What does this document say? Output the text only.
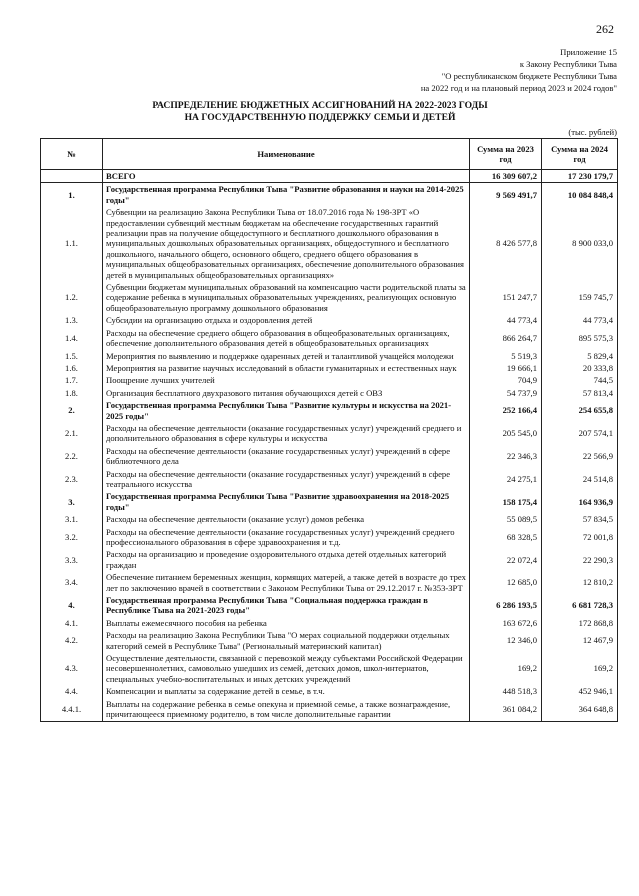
262
Приложение 15
к Закону Республики Тыва
"О республиканском бюджете Республики Тыва
на 2022 год и на плановый период 2023 и 2024 годов"
РАСПРЕДЕЛЕНИЕ БЮДЖЕТНЫХ АССИГНОВАНИЙ НА 2022-2023 ГОДЫ
НА ГОСУДАРСТВЕННУЮ ПОДДЕРЖКУ СЕМЬИ И ДЕТЕЙ
(тыс. рублей)
№	Наименование	Сумма на 2023 год	Сумма на 2024 год
	ВСЕГО	16 309 607,2	17 230 179,7
1.	Государственная программа Республики Тыва "Развитие образования и науки на 2014-2025 годы"	9 569 491,7	10 084 848,4
1.1.	Субвенции на реализацию Закона Республики Тыва от 18.07.2016 года № 198-ЗРТ «О предоставлении субвенций местным бюджетам на обеспечение государственных гарантий реализации прав на получение общедоступного и бесплатного дошкольного образования в муниципальных дошкольных образовательных организациях, общедоступного и бесплатного дошкольного, начального общего, основного общего, среднего общего образования в муниципальных общеобразовательных организациях, обеспечение дополнительного образования детей в муниципальных общеобразовательных организациях»	8 426 577,8	8 900 033,0
1.2.	Субвенции бюджетам муниципальных образований на компенсацию части родительской платы за содержание ребенка в муниципальных образовательных учреждениях, реализующих основную общеобразовательную программу дошкольного образования	151 247,7	159 745,7
1.3.	Субсидии на организацию отдыха и оздоровления детей	44 773,4	44 773,4
1.4.	Расходы на обеспечение среднего общего образования в общеобразовательных организациях, обеспечение дополнительного образования детей в общеобразовательных организациях	866 264,7	895 575,3
1.5.	Мероприятия по выявлению и поддержке одаренных детей и талантливой учащейся молодежи	5 519,3	5 829,4
1.6.	Мероприятия на развитие научных исследований в области гуманитарных и естественных наук	19 666,1	20 333,8
1.7.	Поощрение лучших учителей	704,9	744,5
1.8.	Организация бесплатного двухразового питания обучающихся детей с ОВЗ	54 737,9	57 813,4
2.	Государственная программа Республики Тыва "Развитие культуры и искусства на 2021-2025 годы"	252 166,4	254 655,8
2.1.	Расходы на обеспечение деятельности (оказание государственных услуг) учреждений среднего и дополнительного образования в сфере культуры и искусства	205 545,0	207 574,1
2.2.	Расходы на обеспечение деятельности (оказание государственных услуг) учреждений в сфере библиотечного дела	22 346,3	22 566,9
2.3.	Расходы на обеспечение деятельности (оказание государственных услуг) учреждений в сфере театрального искусства	24 275,1	24 514,8
3.	Государственная программа Республики Тыва "Развитие здравоохранения на 2018-2025 годы"	158 175,4	164 936,9
3.1.	Расходы на обеспечение деятельности (оказание услуг) домов ребенка	55 089,5	57 834,5
3.2.	Расходы на обеспечение деятельности (оказание государственных услуг) учреждений среднего профессионального образования в сфере здравоохранения и т.д.	68 328,5	72 001,8
3.3.	Расходы на организацию и проведение оздоровительного отдыха детей отдельных категорий граждан	22 072,4	22 290,3
3.4.	Обеспечение питанием беременных женщин, кормящих матерей, а также детей в возрасте до трех лет по заключению врачей в соответствии с Законом Республики Тыва от 29.12.2017 г. №353-ЗРТ	12 685,0	12 810,2
4.	Государственная программа Республики Тыва "Социальная поддержка граждан в Республике Тыва на 2021-2023 годы"	6 286 193,5	6 681 728,3
4.1.	Выплаты ежемесячного пособия на ребенка	163 672,6	172 868,8
4.2.	Расходы на реализацию Закона Республики Тыва "О мерах социальной поддержки отдельных категорий семей в Республике Тыва" (Региональный материнский капитал)	12 346,0	12 467,9
4.3.	Осуществление деятельности, связанной с перевозкой между субъектами Российской Федерации несовершеннолетних, самовольно ушедших из семей, детских домов, школ-интернатов, специальных учебно-воспитательных и иных детских учреждений	169,2	169,2
4.4.	Компенсации и выплаты за содержание детей в семье, в т.ч.	448 518,3	452 946,1
4.4.1.	Выплаты на содержание ребенка в семье опекуна и приемной семье, а также вознаграждение, причитающееся приемному родителю, в том числе дополнительные гарантии	361 084,2	364 648,8
